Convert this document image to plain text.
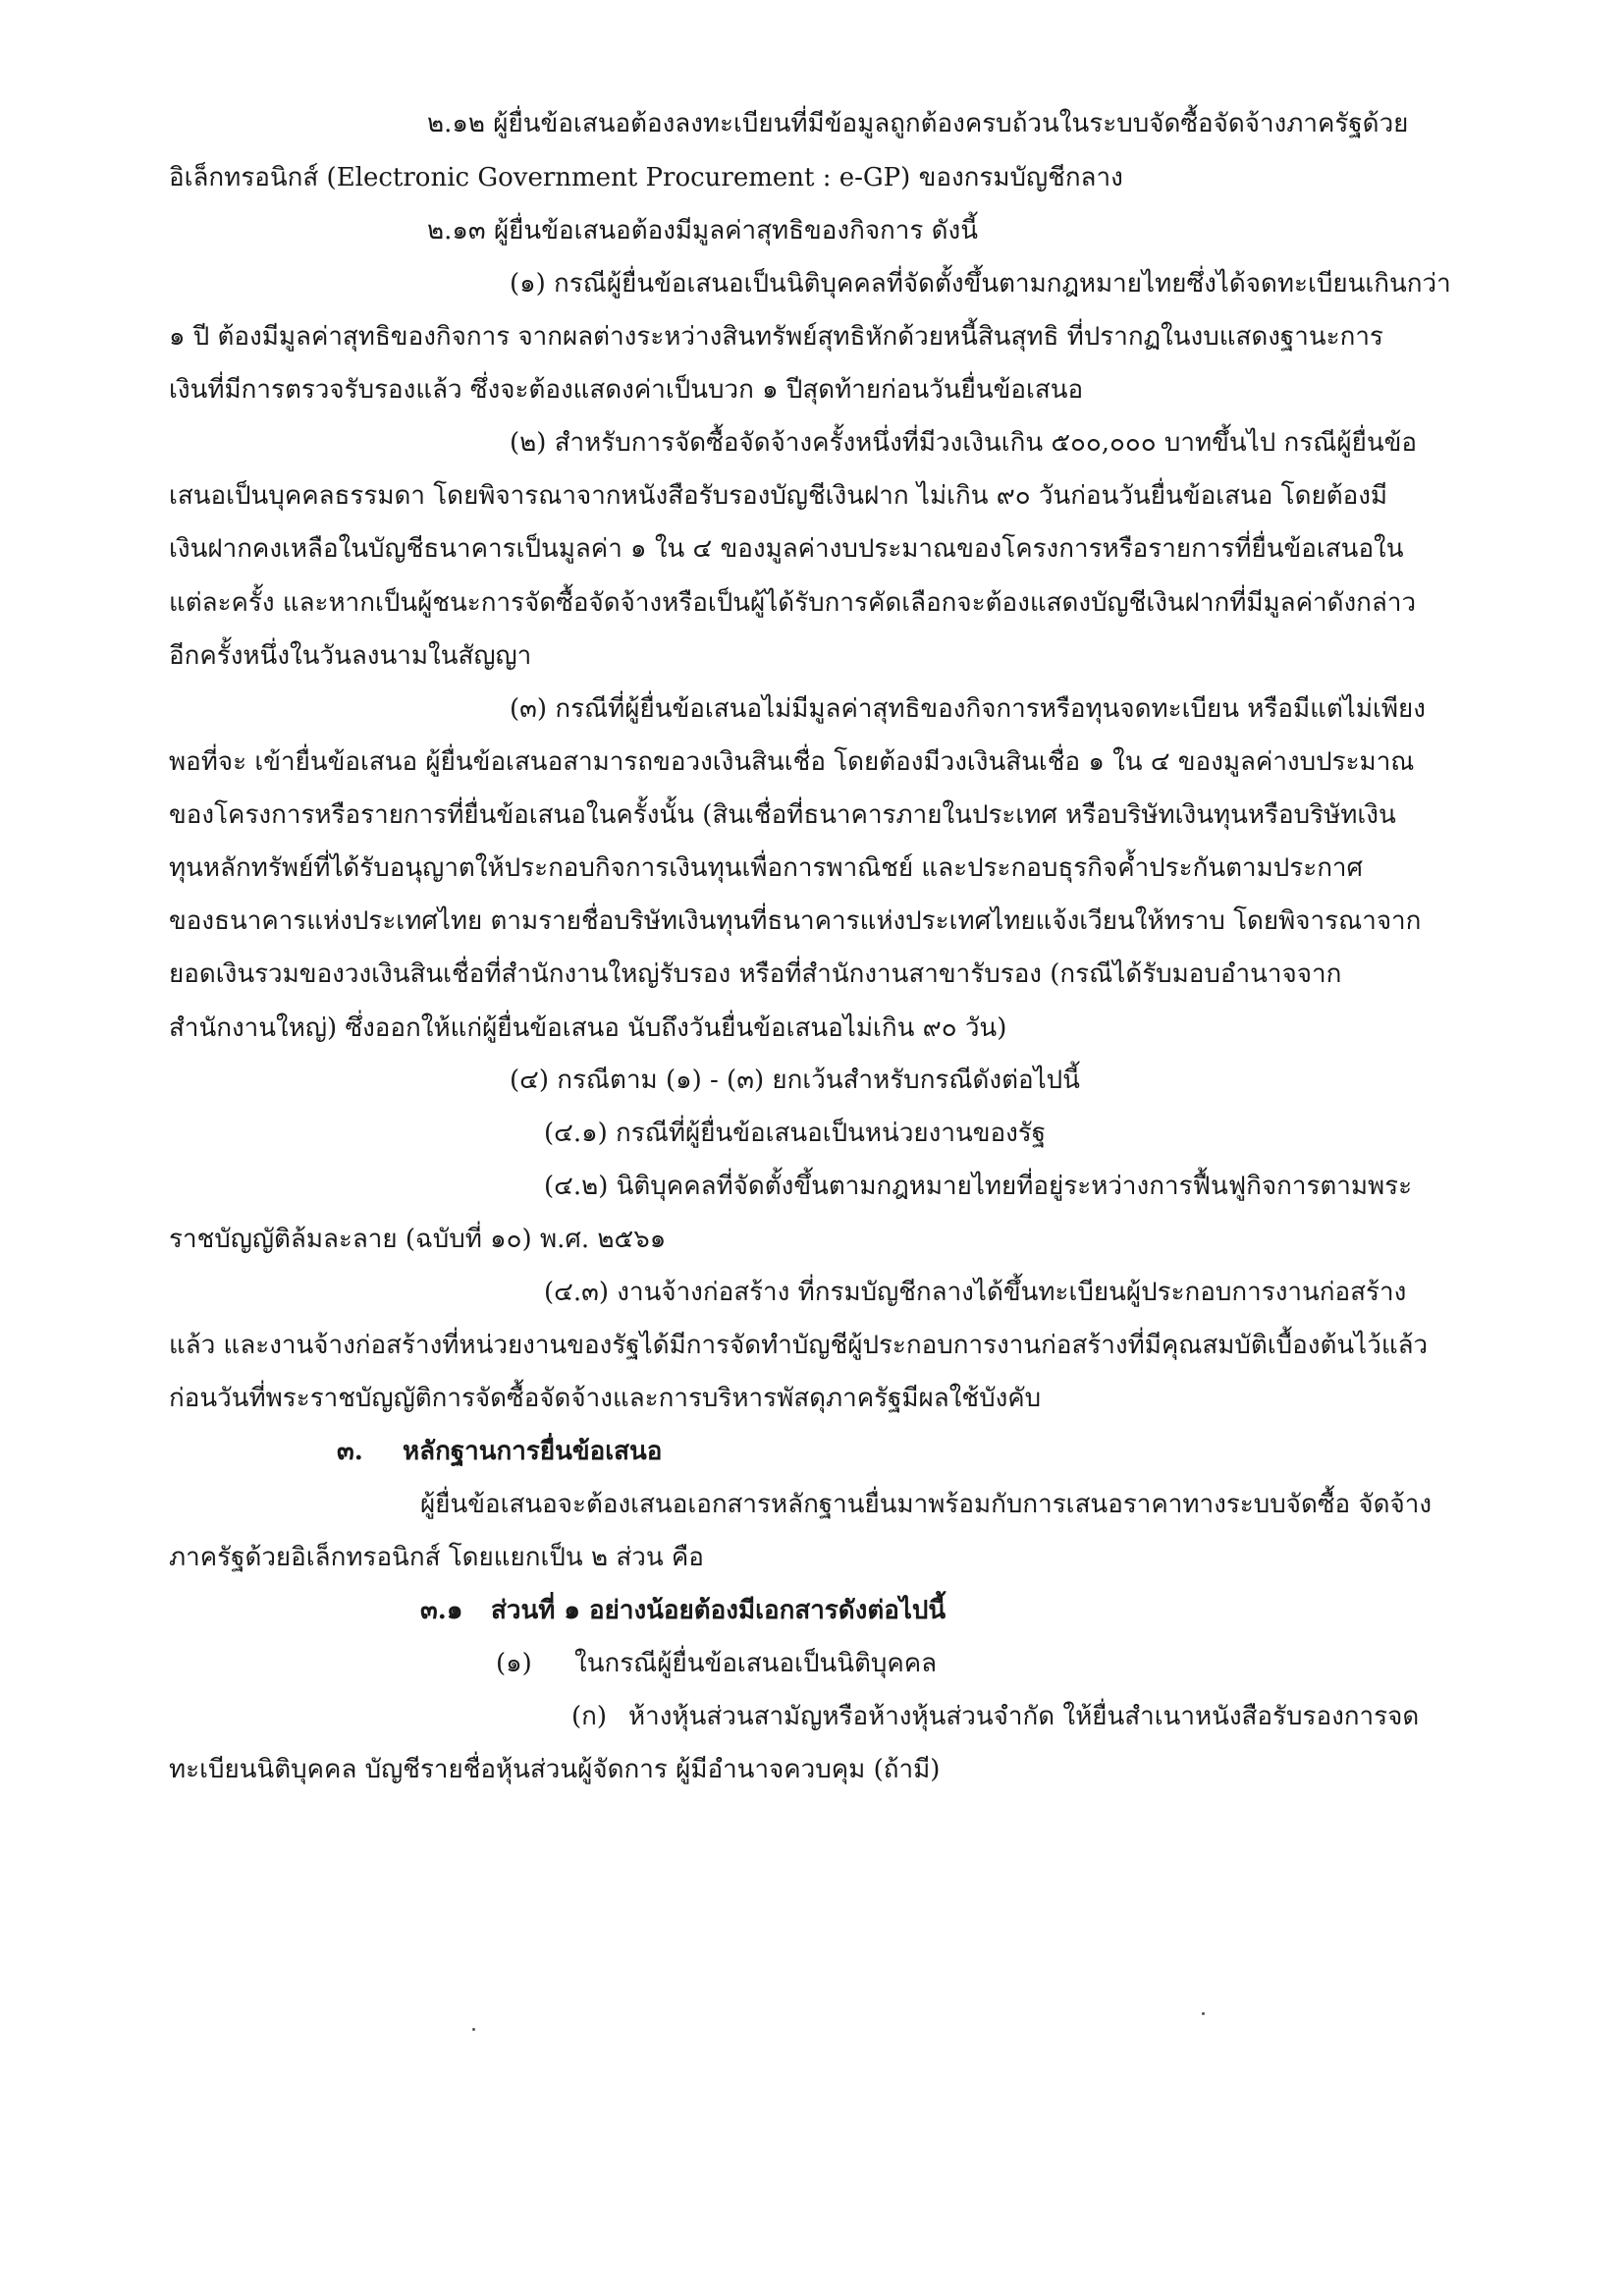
๒.๑๒ ผู้ยื่นข้อเสนอต้องลงทะเบียนที่มีข้อมูลถูกต้องครบถ้วนในระบบจัดซื้อจัดจ้างภาครัฐด้วย
อิเล็กทรอนิกส์ (Electronic Government Procurement : e-GP) ของกรมบัญชีกลาง
๒.๑๓ ผู้ยื่นข้อเสนอต้องมีมูลค่าสุทธิของกิจการ ดังนี้
(๑) กรณีผู้ยื่นข้อเสนอเป็นนิติบุคคลที่จัดตั้งขึ้นตามกฎหมายไทยซึ่งได้จดทะเบียนเกินกว่า
๑ ปี ต้องมีมูลค่าสุทธิของกิจการ จากผลต่างระหว่างสินทรัพย์สุทธิหักด้วยหนี้สินสุทธิ ที่ปรากฏในงบแสดงฐานะการ
เงินที่มีการตรวจรับรองแล้ว ซึ่งจะต้องแสดงค่าเป็นบวก ๑ ปีสุดท้ายก่อนวันยื่นข้อเสนอ
(๒) สำหรับการจัดซื้อจัดจ้างครั้งหนึ่งที่มีวงเงินเกิน ๕๐๐,๐๐๐ บาทขึ้นไป กรณีผู้ยื่นข้อ
เสนอเป็นบุคคลธรรมดา โดยพิจารณาจากหนังสือรับรองบัญชีเงินฝาก ไม่เกิน ๙๐ วันก่อนวันยื่นข้อเสนอ โดยต้องมี
เงินฝากคงเหลือในบัญชีธนาคารเป็นมูลค่า ๑ ใน ๔ ของมูลค่างบประมาณของโครงการหรือรายการที่ยื่นข้อเสนอใน
แต่ละครั้ง และหากเป็นผู้ชนะการจัดซื้อจัดจ้างหรือเป็นผู้ได้รับการคัดเลือกจะต้องแสดงบัญชีเงินฝากที่มีมูลค่าดังกล่าว
อีกครั้งหนึ่งในวันลงนามในสัญญา
(๓) กรณีที่ผู้ยื่นข้อเสนอไม่มีมูลค่าสุทธิของกิจการหรือทุนจดทะเบียน หรือมีแต่ไม่เพียง
พอที่จะ เข้ายื่นข้อเสนอ ผู้ยื่นข้อเสนอสามารถขอวงเงินสินเชื่อ โดยต้องมีวงเงินสินเชื่อ ๑ ใน ๔ ของมูลค่างบประมาณ
ของโครงการหรือรายการที่ยื่นข้อเสนอในครั้งนั้น (สินเชื่อที่ธนาคารภายในประเทศ หรือบริษัทเงินทุนหรือบริษัทเงิน
ทุนหลักทรัพย์ที่ได้รับอนุญาตให้ประกอบกิจการเงินทุนเพื่อการพาณิชย์ และประกอบธุรกิจค้ำประกันตามประกาศ
ของธนาคารแห่งประเทศไทย ตามรายชื่อบริษัทเงินทุนที่ธนาคารแห่งประเทศไทยแจ้งเวียนให้ทราบ โดยพิจารณาจาก
ยอดเงินรวมของวงเงินสินเชื่อที่สำนักงานใหญ่รับรอง หรือที่สำนักงานสาขารับรอง (กรณีได้รับมอบอำนาจจาก
สำนักงานใหญ่) ซึ่งออกให้แก่ผู้ยื่นข้อเสนอ นับถึงวันยื่นข้อเสนอไม่เกิน ๙๐ วัน)
(๔) กรณีตาม (๑) - (๓) ยกเว้นสำหรับกรณีดังต่อไปนี้
(๔.๑) กรณีที่ผู้ยื่นข้อเสนอเป็นหน่วยงานของรัฐ
(๔.๒) นิติบุคคลที่จัดตั้งขึ้นตามกฎหมายไทยที่อยู่ระหว่างการฟื้นฟูกิจการตามพระ
ราชบัญญัติล้มละลาย (ฉบับที่ ๑๐) พ.ศ. ๒๕๖๑
(๔.๓) งานจ้างก่อสร้าง ที่กรมบัญชีกลางได้ขึ้นทะเบียนผู้ประกอบการงานก่อสร้าง
แล้ว และงานจ้างก่อสร้างที่หน่วยงานของรัฐได้มีการจัดทำบัญชีผู้ประกอบการงานก่อสร้างที่มีคุณสมบัติเบื้องต้นไว้แล้ว
ก่อนวันที่พระราชบัญญัติการจัดซื้อจัดจ้างและการบริหารพัสดุภาครัฐมีผลใช้บังคับ
๓. หลักฐานการยื่นข้อเสนอ
ผู้ยื่นข้อเสนอจะต้องเสนอเอกสารหลักฐานยื่นมาพร้อมกับการเสนอราคาทางระบบจัดซื้อ จัดจ้าง
ภาครัฐด้วยอิเล็กทรอนิกส์ โดยแยกเป็น ๒ ส่วน คือ
๓.๑ ส่วนที่ ๑ อย่างน้อยต้องมีเอกสารดังต่อไปนี้
(๑) ในกรณีผู้ยื่นข้อเสนอเป็นนิติบุคคล
(ก) ห้างหุ้นส่วนสามัญหรือห้างหุ้นส่วนจำกัด ให้ยื่นสำเนาหนังสือรับรองการจด
ทะเบียนนิติบุคคล บัญชีรายชื่อหุ้นส่วนผู้จัดการ ผู้มีอำนาจควบคุม (ถ้ามี)
